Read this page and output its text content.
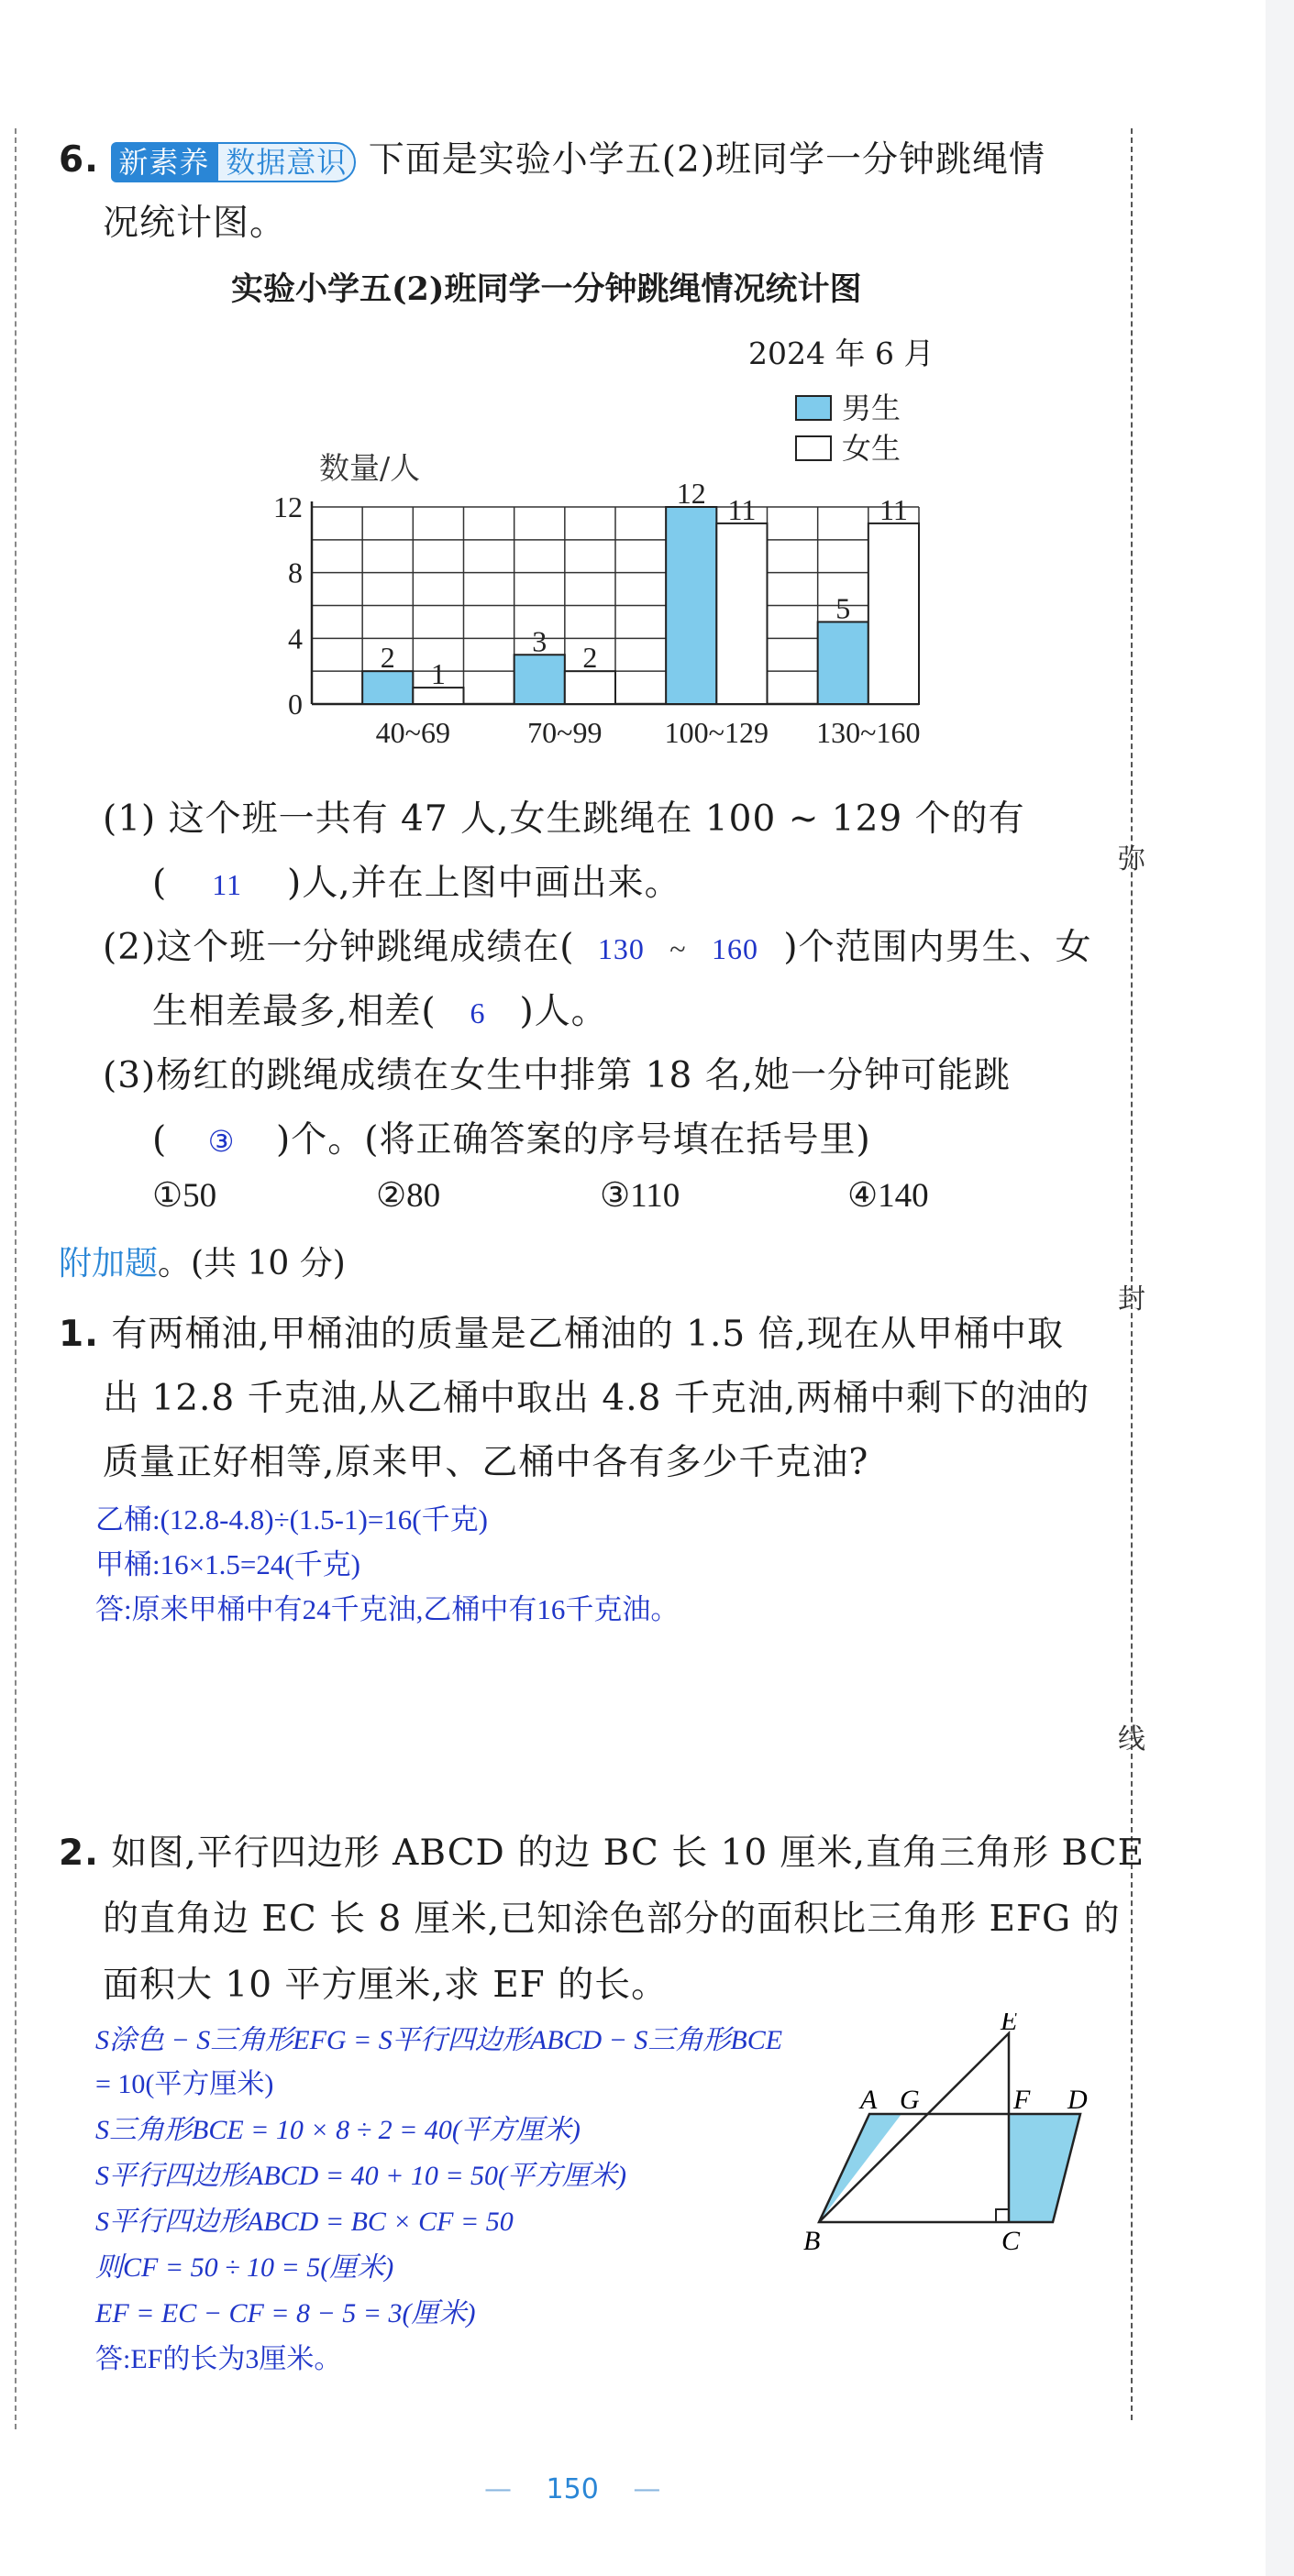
弥
封
线
6. 新素养 数据意识 下面是实验小学五(2)班同学一分钟跳绳情
况统计图。
实验小学五(2)班同学一分钟跳绳情况统计图
2024 年 6 月
0
4
8
12
2 1
3 2
12 11
5
11
40~69	70~99 100~129 130~160
男生
女生
数量/人
(1) 这个班一共有 47 人,女生跳绳在 100 ~ 129 个的有
( 11 )人,并在上图中画出来。
(2)这个班一分钟跳绳成绩在( 130 ~ 160 )个范围内男生、女
生相差最多,相差( 6 )人。
(3)杨红的跳绳成绩在女生中排第 18 名,她一分钟可能跳
( ③ )个。(将正确答案的序号填在括号里)
①50	②80	③110	④140
附加题。(共 10 分)
1. 有两桶油,甲桶油的质量是乙桶油的 1.5 倍,现在从甲桶中取
出 12.8 千克油,从乙桶中取出 4.8 千克油,两桶中剩下的油的
质量正好相等,原来甲、乙桶中各有多少千克油?
乙桶:(12.8-4.8)÷(1.5-1)=16(千克)
甲桶:16×1.5=24(千克)
答:原来甲桶中有24千克油,乙桶中有16千克油。
2. 如图,平行四边形 ABCD 的边 BC 长 10 厘米,直角三角形 BCE
的直角边 EC 长 8 厘米,已知涂色部分的面积比三角形 EFG 的
面积大 10 平方厘米,求 EF 的长。
S涂色 − S三角形EFG = S平行四边形ABCD − S三角形BCE
= 10(平方厘米)
S三角形BCE = 10 × 8 ÷ 2 = 40(平方厘米)
S平行四边形ABCD = 40 + 10 = 50(平方厘米)
S平行四边形ABCD = BC × CF = 50
则CF = 50 ÷ 10 = 5(厘米)
EF = EC − CF = 8 − 5 = 3(厘米)
答:EF的长为3厘米。
E
A G	F D
B	C
— 150 —
